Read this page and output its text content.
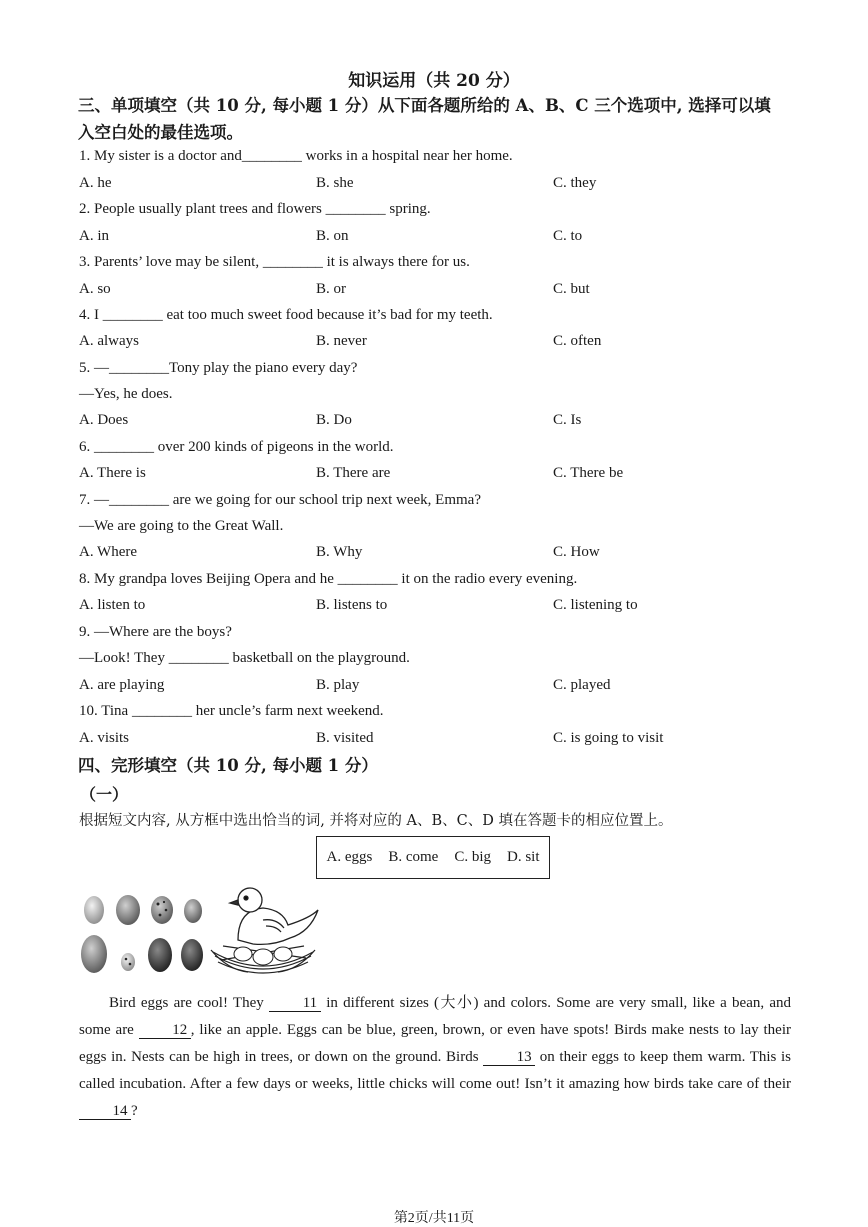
知识运用（共 20 分）
三、单项填空（共 10 分, 每小题 1 分）从下面各题所给的 A、B、C 三个选项中, 选择可以填
入空白处的最佳选项。
1. My sister is a doctor and________ works in a hospital near her home.
A. he	B. she	C. they
2. People usually plant trees and flowers ________ spring.
A. in	B. on	C. to
3. Parents’ love may be silent, ________ it is always there for us.
A. so	B. or	C. but
4. I ________ eat too much sweet food because it’s bad for my teeth.
A. always	B. never	C. often
5. —________Tony play the piano every day?
—Yes, he does.
A. Does	B. Do	C. Is
6. ________ over 200 kinds of pigeons in the world.
A. There is	B. There are	C. There be
7. —________ are we going for our school trip next week, Emma?
—We are going to the Great Wall.
A. Where	B. Why	C. How
8. My grandpa loves Beijing Opera and he ________ it on the radio every evening.
A. listen to	B. listens to	C. listening to
9. —Where are the boys?
—Look! They ________ basketball on the playground.
A. are playing	B. play	C. played
10. Tina ________ her uncle’s farm next weekend.
A. visits	B. visited	C. is going to visit
四、完形填空（共 10 分, 每小题 1 分）
（一）
根据短文内容, 从方框中选出恰当的词, 并将对应的 A、B、C、D 填在答题卡的相应位置上。
A. eggs B. come C. big D. sit

Bird eggs are cool! They 11 in different sizes (大小) and colors. Some are very small, like a bean, and some are 12 , like an apple. Eggs can be blue, green, brown, or even have spots! Birds make nests to lay their eggs in. Nests can be high in trees, or down on the ground. Birds 13 on their eggs to keep them warm. This is called incubation. After a few days or weeks, little chicks will come out! Isn’t it amazing how birds take care of their 14 ?

第2页/共11页
